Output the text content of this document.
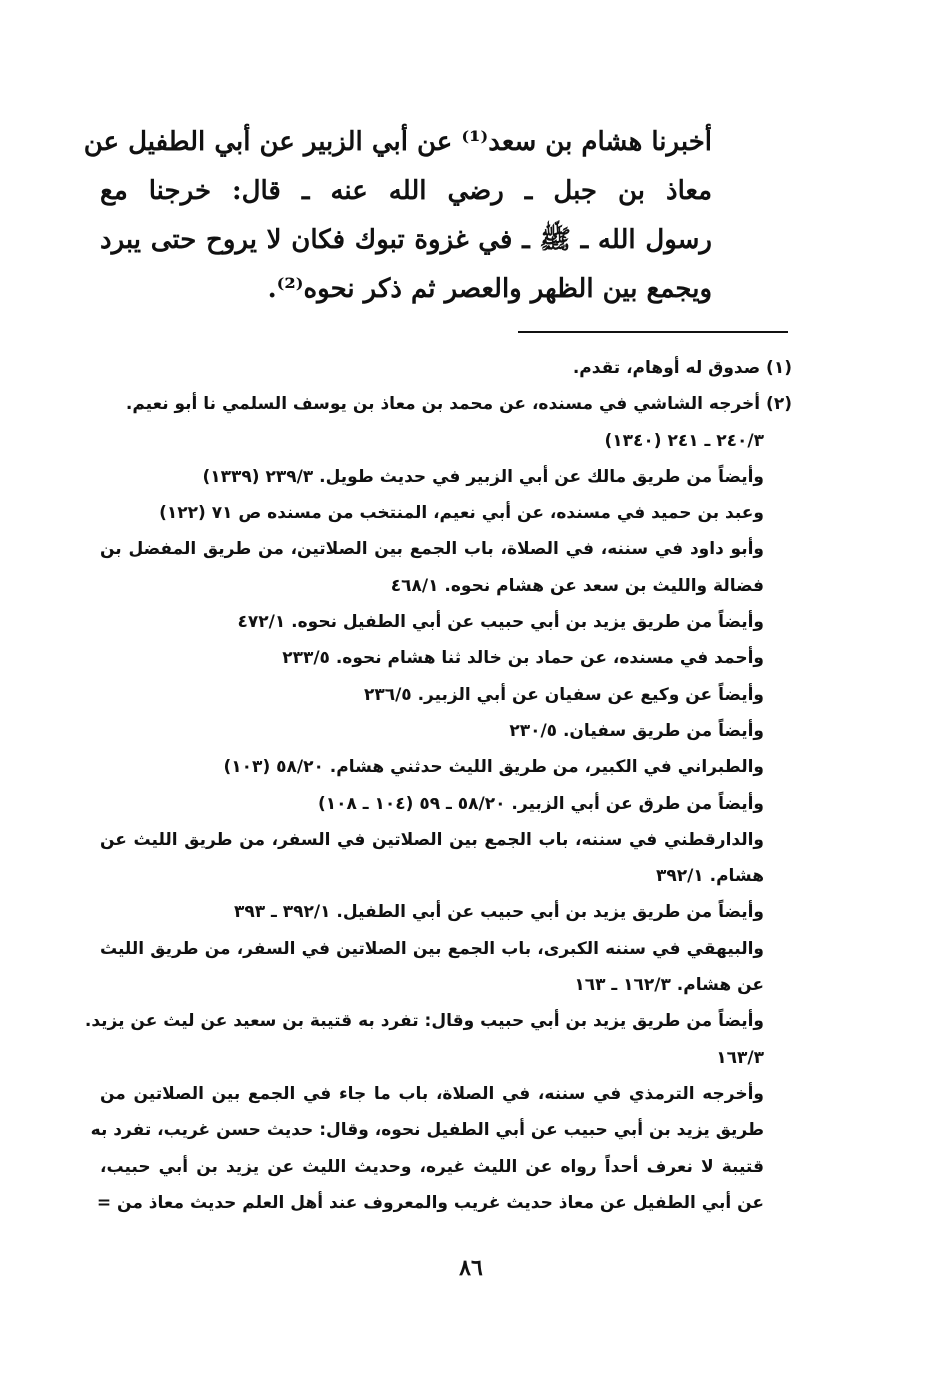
أخبرنا هشام بن سعد⁽¹⁾ عن أبي الزبير عن أبي الطفيل عن
معاذ بن جبل ـ رضي الله عنه ـ قال: خرجنا مع
رسول الله ـ ﷺ ـ في غزوة تبوك فكان لا يروح حتى يبرد
ويجمع بين الظهر والعصر ثم ذكر نحوه⁽²⁾.
(١) صدوق له أوهام، تقدم.
(٢) أخرجه الشاشي في مسنده، عن محمد بن معاذ بن يوسف السلمي نا أبو نعيم.
٢٤٠/٣ ـ ٢٤١ (١٣٤٠)
وأيضاً من طريق مالك عن أبي الزبير في حديث طويل. ٢٣٩/٣ (١٣٣٩)
وعبد بن حميد في مسنده، عن أبي نعيم، المنتخب من مسنده ص ٧١ (١٢٢)
وأبو داود في سننه، في الصلاة، باب الجمع بين الصلاتين، من طريق المفضل بن
فضالة والليث بن سعد عن هشام نحوه. ٤٦٨/١
وأيضاً من طريق يزيد بن أبي حبيب عن أبي الطفيل نحوه. ٤٧٢/١
وأحمد في مسنده، عن حماد بن خالد ثنا هشام نحوه. ٢٣٣/٥
وأيضاً عن وكيع عن سفيان عن أبي الزبير. ٢٣٦/٥
وأيضاً من طريق سفيان. ٢٣٠/٥
والطبراني في الكبير، من طريق الليث حدثني هشام. ٥٨/٢٠ (١٠٣)
وأيضاً من طرق عن أبي الزبير. ٥٨/٢٠ ـ ٥٩ (١٠٤ ـ ١٠٨)
والدارقطني في سننه، باب الجمع بين الصلاتين في السفر، من طريق الليث عن
هشام. ٣٩٢/١
وأيضاً من طريق يزيد بن أبي حبيب عن أبي الطفيل. ٣٩٢/١ ـ ٣٩٣
والبيهقي في سننه الكبرى، باب الجمع بين الصلاتين في السفر، من طريق الليث
عن هشام. ١٦٢/٣ ـ ١٦٣
وأيضاً من طريق يزيد بن أبي حبيب وقال: تفرد به قتيبة بن سعيد عن ليث عن يزيد.
١٦٣/٣
وأخرجه الترمذي في سننه، في الصلاة، باب ما جاء في الجمع بين الصلاتين من
طريق يزيد بن أبي حبيب عن أبي الطفيل نحوه، وقال: حديث حسن غريب، تفرد به
قتيبة لا نعرف أحداً رواه عن الليث غيره، وحديث الليث عن يزيد بن أبي حبيب،
عن أبي الطفيل عن معاذ حديث غريب والمعروف عند أهل العلم حديث معاذ من =
٨٦
